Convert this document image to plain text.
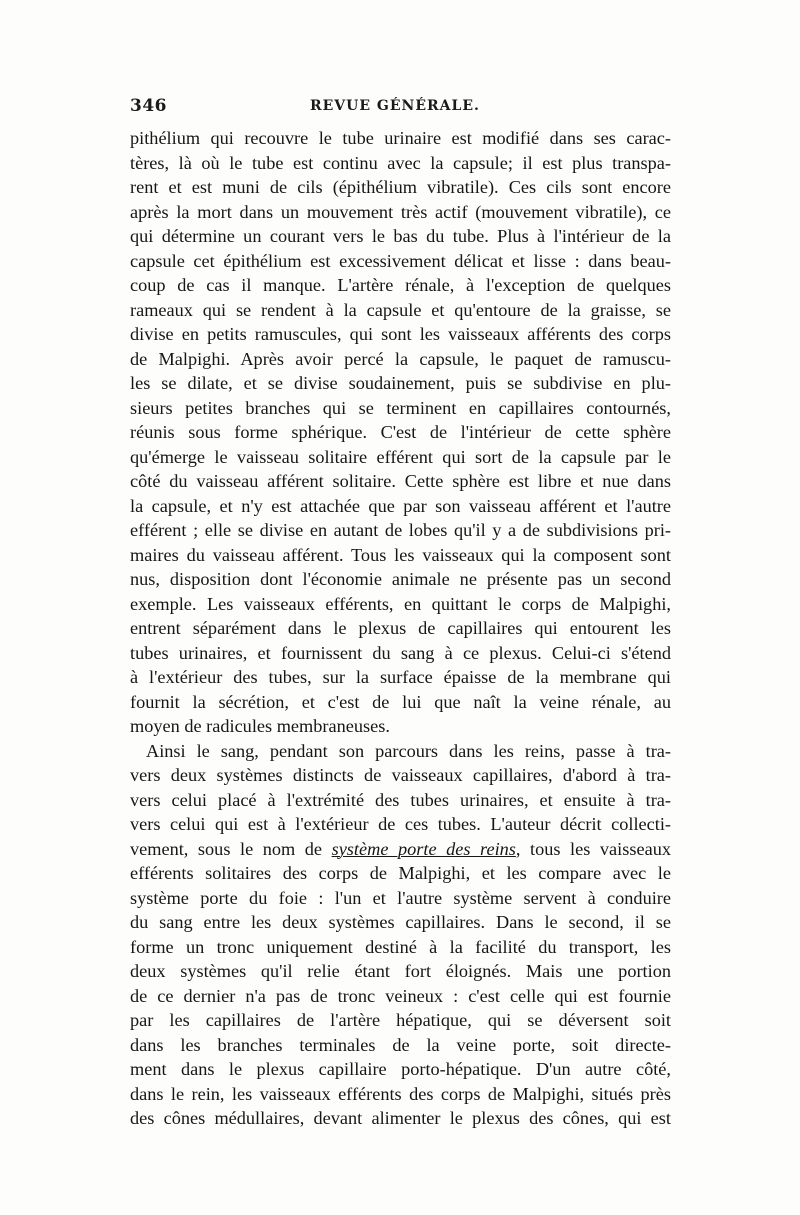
346	REVUE GÉNÉRALE.
pithélium qui recouvre le tube urinaire est modifié dans ses carac-
tères, là où le tube est continu avec la capsule; il est plus transpa-
rent et est muni de cils (épithélium vibratile). Ces cils sont encore
après la mort dans un mouvement très actif (mouvement vibratile), ce
qui détermine un courant vers le bas du tube. Plus à l'intérieur de la
capsule cet épithélium est excessivement délicat et lisse : dans beau-
coup de cas il manque. L'artère rénale, à l'exception de quelques
rameaux qui se rendent à la capsule et qu'entoure de la graisse, se
divise en petits ramuscules, qui sont les vaisseaux afférents des corps
de Malpighi. Après avoir percé la capsule, le paquet de ramuscu-
les se dilate, et se divise soudainement, puis se subdivise en plu-
sieurs petites branches qui se terminent en capillaires contournés,
réunis sous forme sphérique. C'est de l'intérieur de cette sphère
qu'émerge le vaisseau solitaire efférent qui sort de la capsule par le
côté du vaisseau afférent solitaire. Cette sphère est libre et nue dans
la capsule, et n'y est attachée que par son vaisseau afférent et l'autre
efférent ; elle se divise en autant de lobes qu'il y a de subdivisions pri-
maires du vaisseau afférent. Tous les vaisseaux qui la composent sont
nus, disposition dont l'économie animale ne présente pas un second
exemple. Les vaisseaux efférents, en quittant le corps de Malpighi,
entrent séparément dans le plexus de capillaires qui entourent les
tubes urinaires, et fournissent du sang à ce plexus. Celui-ci s'étend
à l'extérieur des tubes, sur la surface épaisse de la membrane qui
fournit la sécrétion, et c'est de lui que naît la veine rénale, au
moyen de radicules membraneuses.
Ainsi le sang, pendant son parcours dans les reins, passe à tra-
vers deux systèmes distincts de vaisseaux capillaires, d'abord à tra-
vers celui placé à l'extrémité des tubes urinaires, et ensuite à tra-
vers celui qui est à l'extérieur de ces tubes. L'auteur décrit collecti-
vement, sous le nom de système porte des reins, tous les vaisseaux
efférents solitaires des corps de Malpighi, et les compare avec le
système porte du foie : l'un et l'autre système servent à conduire
du sang entre les deux systèmes capillaires. Dans le second, il se
forme un tronc uniquement destiné à la facilité du transport, les
deux systèmes qu'il relie étant fort éloignés. Mais une portion
de ce dernier n'a pas de tronc veineux : c'est celle qui est fournie
par les capillaires de l'artère hépatique, qui se déversent soit
dans les branches terminales de la veine porte, soit directe-
ment dans le plexus capillaire porto-hépatique. D'un autre côté,
dans le rein, les vaisseaux efférents des corps de Malpighi, situés près
des cônes médullaires, devant alimenter le plexus des cônes, qui est
